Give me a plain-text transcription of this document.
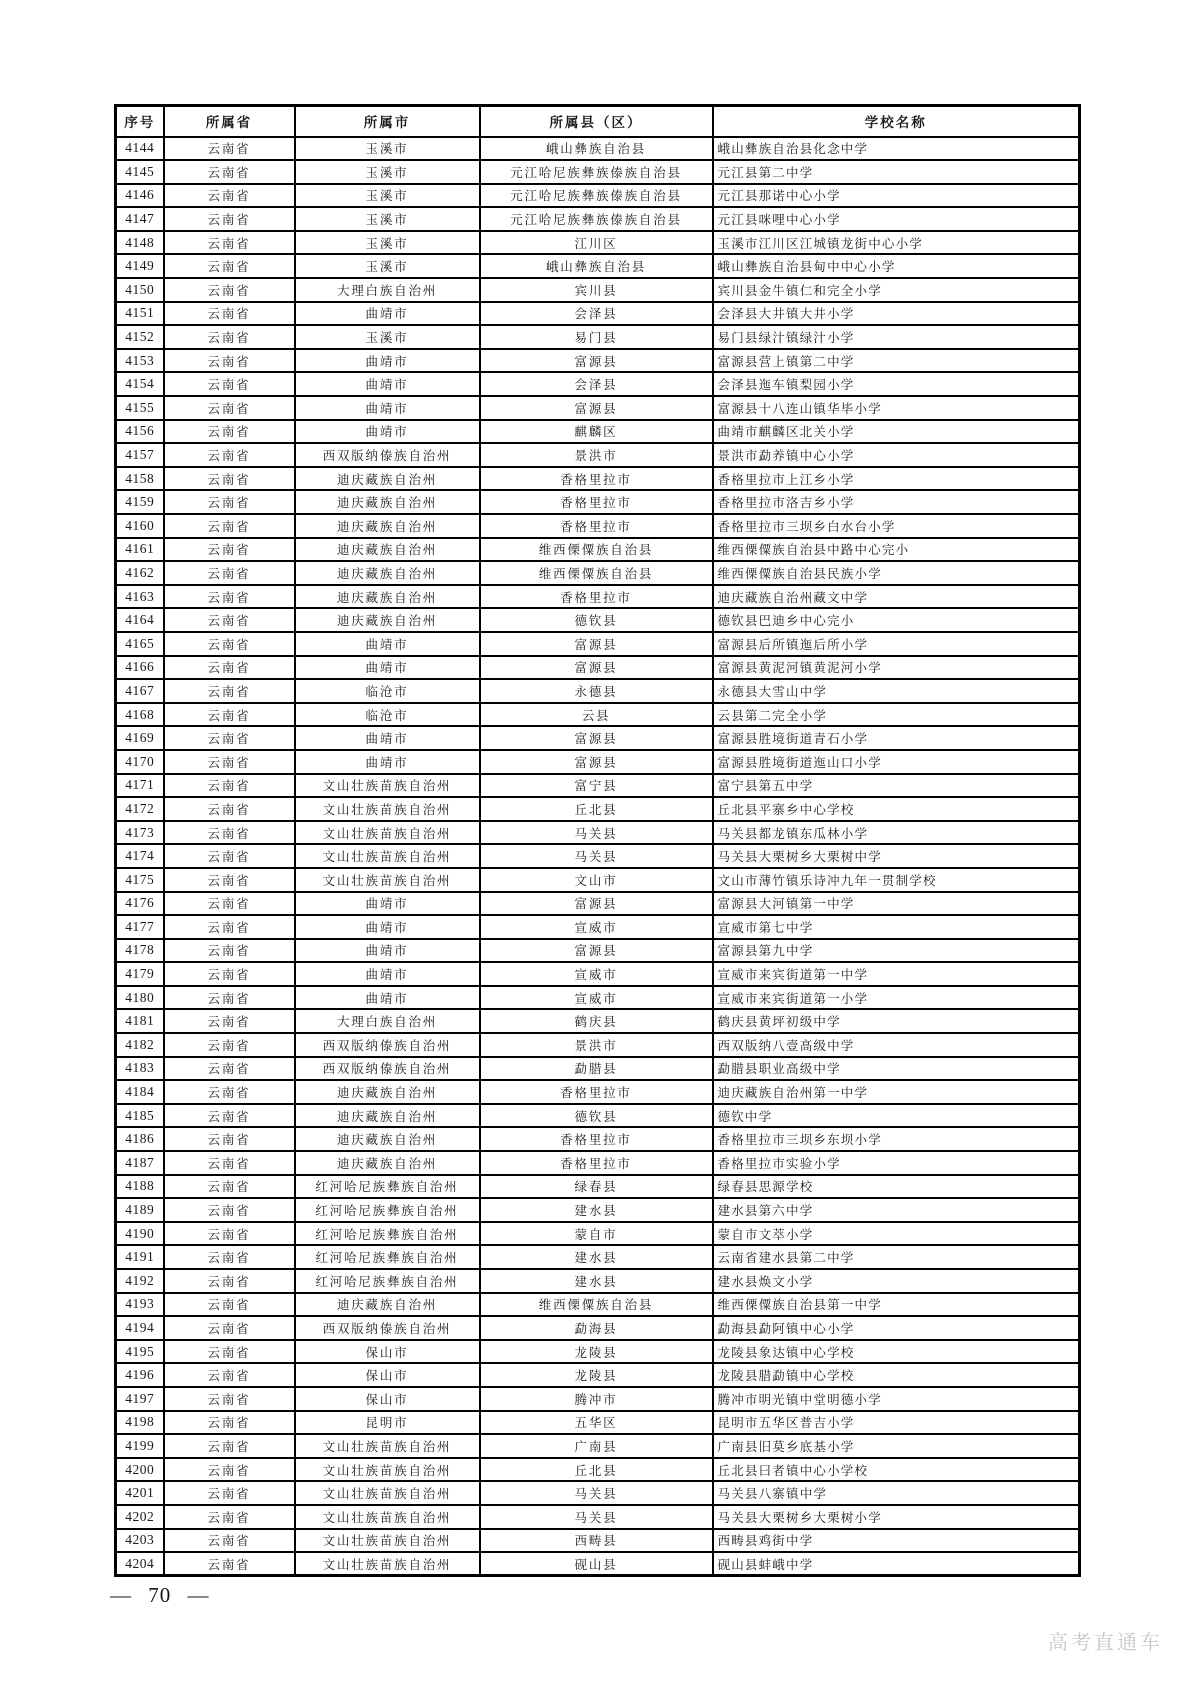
序号	所属省	所属市	所属县（区）	学校名称
4144	云南省	玉溪市	峨山彝族自治县	峨山彝族自治县化念中学
4145	云南省	玉溪市	元江哈尼族彝族傣族自治县	元江县第二中学
4146	云南省	玉溪市	元江哈尼族彝族傣族自治县	元江县那诺中心小学
4147	云南省	玉溪市	元江哈尼族彝族傣族自治县	元江县咪哩中心小学
4148	云南省	玉溪市	江川区	玉溪市江川区江城镇龙街中心小学
4149	云南省	玉溪市	峨山彝族自治县	峨山彝族自治县甸中中心小学
4150	云南省	大理白族自治州	宾川县	宾川县金牛镇仁和完全小学
4151	云南省	曲靖市	会泽县	会泽县大井镇大井小学
4152	云南省	玉溪市	易门县	易门县绿汁镇绿汁小学
4153	云南省	曲靖市	富源县	富源县营上镇第二中学
4154	云南省	曲靖市	会泽县	会泽县迤车镇梨园小学
4155	云南省	曲靖市	富源县	富源县十八连山镇华毕小学
4156	云南省	曲靖市	麒麟区	曲靖市麒麟区北关小学
4157	云南省	西双版纳傣族自治州	景洪市	景洪市勐养镇中心小学
4158	云南省	迪庆藏族自治州	香格里拉市	香格里拉市上江乡小学
4159	云南省	迪庆藏族自治州	香格里拉市	香格里拉市洛吉乡小学
4160	云南省	迪庆藏族自治州	香格里拉市	香格里拉市三坝乡白水台小学
4161	云南省	迪庆藏族自治州	维西傈僳族自治县	维西傈僳族自治县中路中心完小
4162	云南省	迪庆藏族自治州	维西傈僳族自治县	维西傈僳族自治县民族小学
4163	云南省	迪庆藏族自治州	香格里拉市	迪庆藏族自治州藏文中学
4164	云南省	迪庆藏族自治州	德钦县	德钦县巴迪乡中心完小
4165	云南省	曲靖市	富源县	富源县后所镇迤后所小学
4166	云南省	曲靖市	富源县	富源县黄泥河镇黄泥河小学
4167	云南省	临沧市	永德县	永德县大雪山中学
4168	云南省	临沧市	云县	云县第二完全小学
4169	云南省	曲靖市	富源县	富源县胜境街道青石小学
4170	云南省	曲靖市	富源县	富源县胜境街道迤山口小学
4171	云南省	文山壮族苗族自治州	富宁县	富宁县第五中学
4172	云南省	文山壮族苗族自治州	丘北县	丘北县平寨乡中心学校
4173	云南省	文山壮族苗族自治州	马关县	马关县都龙镇东瓜林小学
4174	云南省	文山壮族苗族自治州	马关县	马关县大栗树乡大栗树中学
4175	云南省	文山壮族苗族自治州	文山市	文山市薄竹镇乐诗冲九年一贯制学校
4176	云南省	曲靖市	富源县	富源县大河镇第一中学
4177	云南省	曲靖市	宣威市	宣威市第七中学
4178	云南省	曲靖市	富源县	富源县第九中学
4179	云南省	曲靖市	宣威市	宣威市来宾街道第一中学
4180	云南省	曲靖市	宣威市	宣威市来宾街道第一小学
4181	云南省	大理白族自治州	鹤庆县	鹤庆县黄坪初级中学
4182	云南省	西双版纳傣族自治州	景洪市	西双版纳八壹高级中学
4183	云南省	西双版纳傣族自治州	勐腊县	勐腊县职业高级中学
4184	云南省	迪庆藏族自治州	香格里拉市	迪庆藏族自治州第一中学
4185	云南省	迪庆藏族自治州	德钦县	德钦中学
4186	云南省	迪庆藏族自治州	香格里拉市	香格里拉市三坝乡东坝小学
4187	云南省	迪庆藏族自治州	香格里拉市	香格里拉市实验小学
4188	云南省	红河哈尼族彝族自治州	绿春县	绿春县思源学校
4189	云南省	红河哈尼族彝族自治州	建水县	建水县第六中学
4190	云南省	红河哈尼族彝族自治州	蒙自市	蒙自市文萃小学
4191	云南省	红河哈尼族彝族自治州	建水县	云南省建水县第二中学
4192	云南省	红河哈尼族彝族自治州	建水县	建水县焕文小学
4193	云南省	迪庆藏族自治州	维西傈僳族自治县	维西傈僳族自治县第一中学
4194	云南省	西双版纳傣族自治州	勐海县	勐海县勐阿镇中心小学
4195	云南省	保山市	龙陵县	龙陵县象达镇中心学校
4196	云南省	保山市	龙陵县	龙陵县腊勐镇中心学校
4197	云南省	保山市	腾冲市	腾冲市明光镇中堂明德小学
4198	云南省	昆明市	五华区	昆明市五华区普吉小学
4199	云南省	文山壮族苗族自治州	广南县	广南县旧莫乡底基小学
4200	云南省	文山壮族苗族自治州	丘北县	丘北县曰者镇中心小学校
4201	云南省	文山壮族苗族自治州	马关县	马关县八寨镇中学
4202	云南省	文山壮族苗族自治州	马关县	马关县大栗树乡大栗树小学
4203	云南省	文山壮族苗族自治州	西畴县	西畴县鸡街中学
4204	云南省	文山壮族苗族自治州	砚山县	砚山县蚌峨中学
— 70 —
高考直通车
